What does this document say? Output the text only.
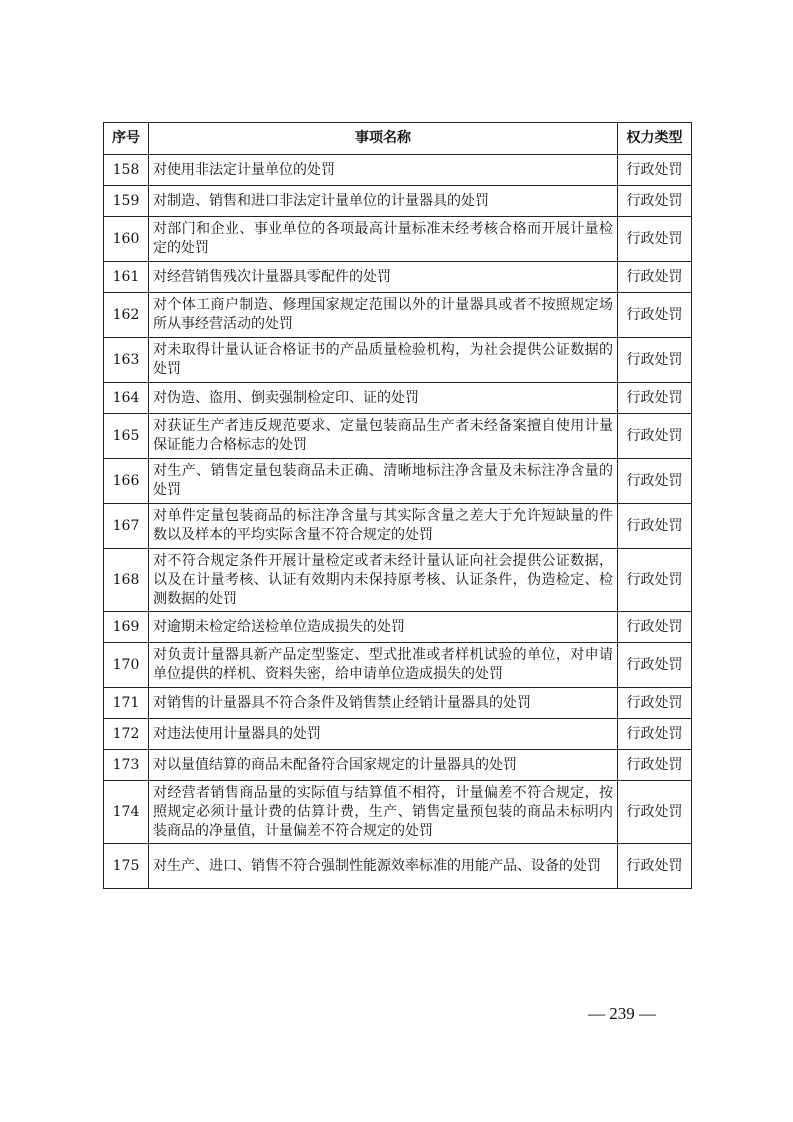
序号	事项名称	权力类型
158	对使用非法定计量单位的处罚	行政处罚
159	对制造、销售和进口非法定计量单位的计量器具的处罚	行政处罚
160	对部门和企业、事业单位的各项最高计量标准未经考核合格而开展计量检定的处罚	行政处罚
161	对经营销售残次计量器具零配件的处罚	行政处罚
162	对个体工商户制造、修理国家规定范围以外的计量器具或者不按照规定场所从事经营活动的处罚	行政处罚
163	对未取得计量认证合格证书的产品质量检验机构，为社会提供公证数据的处罚	行政处罚
164	对伪造、盗用、倒卖强制检定印、证的处罚	行政处罚
165	对获证生产者违反规范要求、定量包装商品生产者未经备案擅自使用计量保证能力合格标志的处罚	行政处罚
166	对生产、销售定量包装商品未正确、清晰地标注净含量及未标注净含量的处罚	行政处罚
167	对单件定量包装商品的标注净含量与其实际含量之差大于允许短缺量的件数以及样本的平均实际含量不符合规定的处罚	行政处罚
168	对不符合规定条件开展计量检定或者未经计量认证向社会提供公证数据，以及在计量考核、认证有效期内未保持原考核、认证条件，伪造检定、检测数据的处罚	行政处罚
169	对逾期未检定给送检单位造成损失的处罚	行政处罚
170	对负责计量器具新产品定型鉴定、型式批准或者样机试验的单位，对申请单位提供的样机、资料失密，给申请单位造成损失的处罚	行政处罚
171	对销售的计量器具不符合条件及销售禁止经销计量器具的处罚	行政处罚
172	对违法使用计量器具的处罚	行政处罚
173	对以量值结算的商品未配备符合国家规定的计量器具的处罚	行政处罚
174	对经营者销售商品量的实际值与结算值不相符，计量偏差不符合规定，按照规定必须计量计费的估算计费，生产、销售定量预包装的商品未标明内装商品的净量值，计量偏差不符合规定的处罚	行政处罚
175	对生产、进口、销售不符合强制性能源效率标准的用能产品、设备的处罚	行政处罚
— 239 —
